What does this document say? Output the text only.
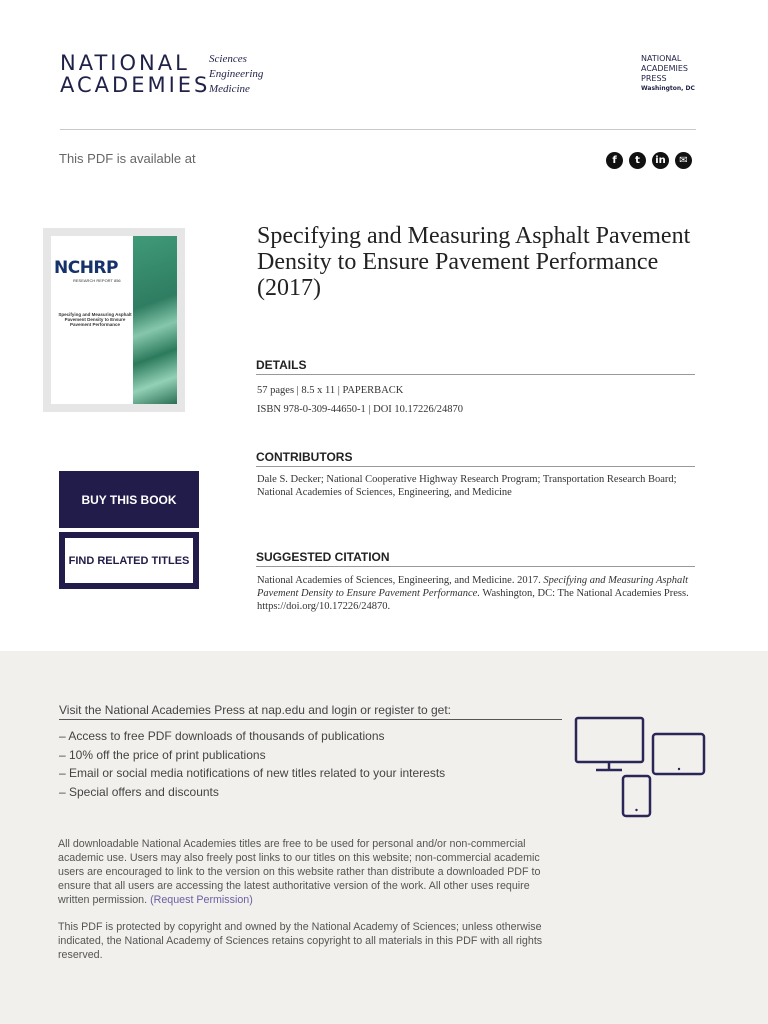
NATIONAL
ACADEMIES
Sciences
Engineering
Medicine
NATIONAL
ACADEMIES
PRESS
Washington, DC
This PDF is available at	f	t	in	✉
NCHRP
RESEARCH REPORT 856
Specifying and Measuring Asphalt Pavement Density to Ensure Pavement Performance
BUY THIS BOOK
FIND RELATED TITLES
Specifying and Measuring Asphalt Pavement Density to Ensure Pavement Performance (2017)
DETAILS
57 pages | 8.5 x 11 | PAPERBACK
ISBN 978-0-309-44650-1 | DOI 10.17226/24870
CONTRIBUTORS
Dale S. Decker; National Cooperative Highway Research Program; Transportation Research Board; National Academies of Sciences, Engineering, and Medicine
SUGGESTED CITATION
National Academies of Sciences, Engineering, and Medicine. 2017. Specifying and Measuring Asphalt Pavement Density to Ensure Pavement Performance. Washington, DC: The National Academies Press. https://doi.org/10.17226/24870.
Visit the National Academies Press at nap.edu and login or register to get:
– Access to free PDF downloads of thousands of publications
– 10% off the price of print publications
– Email or social media notifications of new titles related to your interests
– Special offers and discounts
All downloadable National Academies titles are free to be used for personal and/or non-commercial academic use. Users may also freely post links to our titles on this website; non-commercial academic users are encouraged to link to the version on this website rather than distribute a downloaded PDF to ensure that all users are accessing the latest authoritative version of the work. All other uses require written permission. (Request Permission)
This PDF is protected by copyright and owned by the National Academy of Sciences; unless otherwise indicated, the National Academy of Sciences retains copyright to all materials in this PDF with all rights reserved.
